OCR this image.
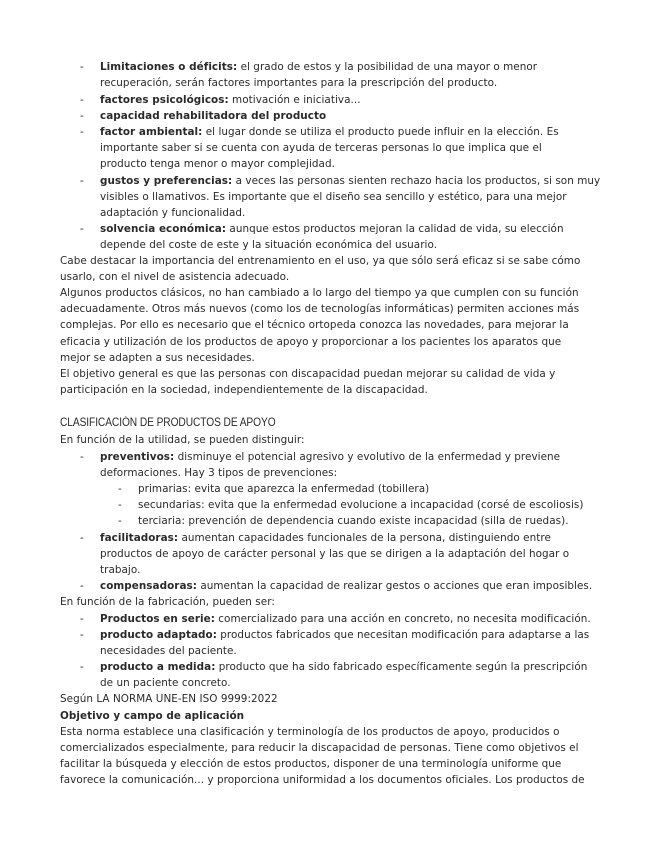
- Limitaciones o déficits: el grado de estos y la posibilidad de una mayor o menor
recuperación, serán factores importantes para la prescripción del producto.
- factores psicológicos: motivación e iniciativa...
- capacidad rehabilitadora del producto
- factor ambiental: el lugar donde se utiliza el producto puede influir en la elección. Es
importante saber si se cuenta con ayuda de terceras personas lo que implica que el
producto tenga menor o mayor complejidad.
- gustos y preferencias: a veces las personas sienten rechazo hacia los productos, si son muy
visibles o llamativos. Es importante que el diseño sea sencillo y estético, para una mejor
adaptación y funcionalidad.
- solvencia económica: aunque estos productos mejoran la calidad de vida, su elección
depende del coste de este y la situación económica del usuario.
Cabe destacar la importancia del entrenamiento en el uso, ya que sólo será eficaz si se sabe cómo
usarlo, con el nivel de asistencia adecuado.
Algunos productos clásicos, no han cambiado a lo largo del tiempo ya que cumplen con su función
adecuadamente. Otros más nuevos (como los de tecnologías informáticas) permiten acciones más
complejas. Por ello es necesario que el técnico ortopeda conozca las novedades, para mejorar la
eficacia y utilización de los productos de apoyo y proporcionar a los pacientes los aparatos que
mejor se adapten a sus necesidades.
El objetivo general es que las personas con discapacidad puedan mejorar su calidad de vida y
participación en la sociedad, independientemente de la discapacidad.
CLASIFICACIÓN DE PRODUCTOS DE APOYO
En función de la utilidad, se pueden distinguir:
- preventivos: disminuye el potencial agresivo y evolutivo de la enfermedad y previene
deformaciones. Hay 3 tipos de prevenciones:
- primarias: evita que aparezca la enfermedad (tobillera)
- secundarias: evita que la enfermedad evolucione a incapacidad (corsé de escoliosis)
- terciaria: prevención de dependencia cuando existe incapacidad (silla de ruedas).
- facilitadoras: aumentan capacidades funcionales de la persona, distinguiendo entre
productos de apoyo de carácter personal y las que se dirigen a la adaptación del hogar o
trabajo.
- compensadoras: aumentan la capacidad de realizar gestos o acciones que eran imposibles.
En función de la fabricación, pueden ser:
- Productos en serie: comercializado para una acción en concreto, no necesita modificación.
- producto adaptado: productos fabricados que necesitan modificación para adaptarse a las
necesidades del paciente.
- producto a medida: producto que ha sido fabricado específicamente según la prescripción
de un paciente concreto.
Según LA NORMA UNE-EN ISO 9999:2022
Objetivo y campo de aplicación
Esta norma establece una clasificación y terminología de los productos de apoyo, producidos o
comercializados especialmente, para reducir la discapacidad de personas. Tiene como objetivos el
facilitar la búsqueda y elección de estos productos, disponer de una terminología uniforme que
favorece la comunicación... y proporciona uniformidad a los documentos oficiales. Los productos de
